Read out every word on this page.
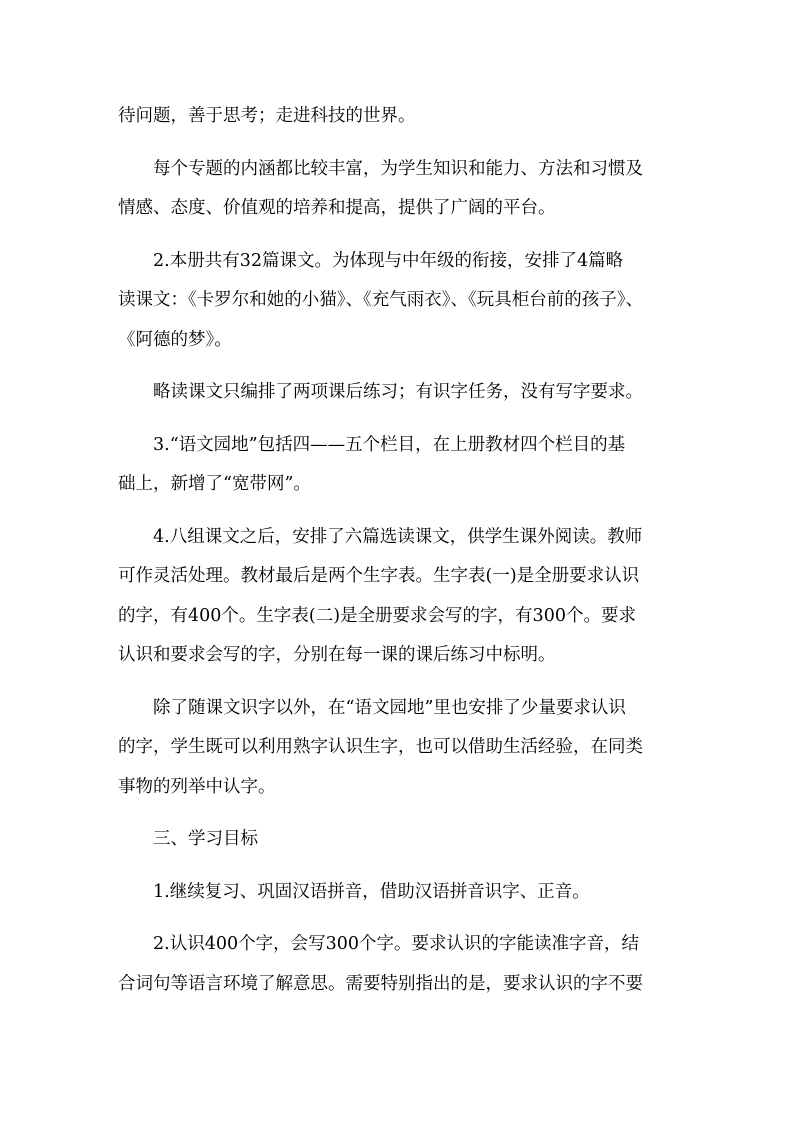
待问题，善于思考；走进科技的世界。

每个专题的内涵都比较丰富，为学生知识和能力、方法和习惯及
情感、态度、价值观的培养和提高，提供了广阔的平台。

2.本册共有32篇课文。为体现与中年级的衔接，安排了4篇略
读课文：《卡罗尔和她的小猫》、《充气雨衣》、《玩具柜台前的孩子》、
《阿德的梦》。

略读课文只编排了两项课后练习；有识字任务，没有写字要求。

3.“语文园地”包括四——五个栏目，在上册教材四个栏目的基
础上，新增了“宽带网”。

4.八组课文之后，安排了六篇选读课文，供学生课外阅读。教师
可作灵活处理。教材最后是两个生字表。生字表(一)是全册要求认识
的字，有400个。生字表(二)是全册要求会写的字，有300个。要求
认识和要求会写的字，分别在每一课的课后练习中标明。

除了随课文识字以外，在“语文园地”里也安排了少量要求认识
的字，学生既可以利用熟字认识生字，也可以借助生活经验，在同类
事物的列举中认字。

三、学习目标

1.继续复习、巩固汉语拼音，借助汉语拼音识字、正音。

2.认识400个字，会写300个字。要求认识的字能读准字音，结
合词句等语言环境了解意思。需要特别指出的是，要求认识的字不要
